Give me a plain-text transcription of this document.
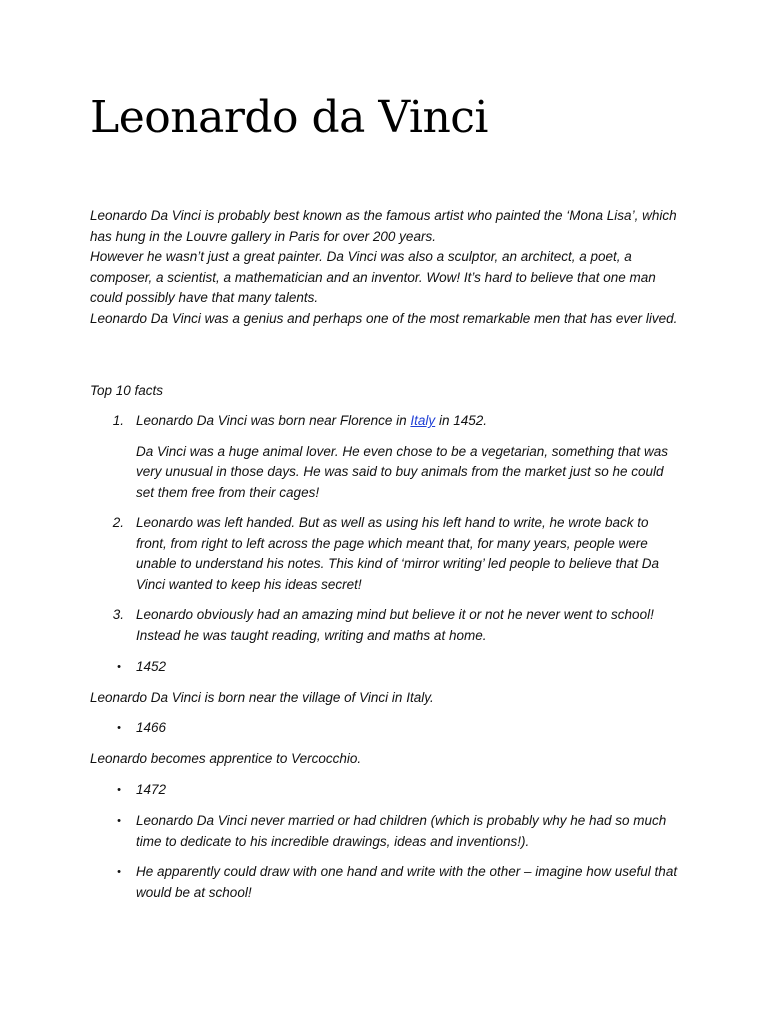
Leonardo da Vinci

Leonardo Da Vinci is probably best known as the famous artist who painted the ‘Mona Lisa’, which has hung in the Louvre gallery in Paris for over 200 years.

However he wasn’t just a great painter. Da Vinci was also a sculptor, an architect, a poet, a composer, a scientist, a mathematician and an inventor. Wow! It’s hard to believe that one man could possibly have that many talents.

Leonardo Da Vinci was a genius and perhaps one of the most remarkable men that has ever lived.

Top 10 facts

1. Leonardo Da Vinci was born near Florence in Italy in 1452.
Da Vinci was a huge animal lover. He even chose to be a vegetarian, something that was very unusual in those days. He was said to buy animals from the market just so he could set them free from their cages!
2. Leonardo was left handed. But as well as using his left hand to write, he wrote back to front, from right to left across the page which meant that, for many years, people were unable to understand his notes. This kind of ‘mirror writing’ led people to believe that Da Vinci wanted to keep his ideas secret!
3. Leonardo obviously had an amazing mind but believe it or not he never went to school! Instead he was taught reading, writing and maths at home.
• 1452

Leonardo Da Vinci is born near the village of Vinci in Italy.

• 1466

Leonardo becomes apprentice to Vercocchio.

• 1472
• Leonardo Da Vinci never married or had children (which is probably why he had so much time to dedicate to his incredible drawings, ideas and inventions!).
• He apparently could draw with one hand and write with the other – imagine how useful that would be at school!
